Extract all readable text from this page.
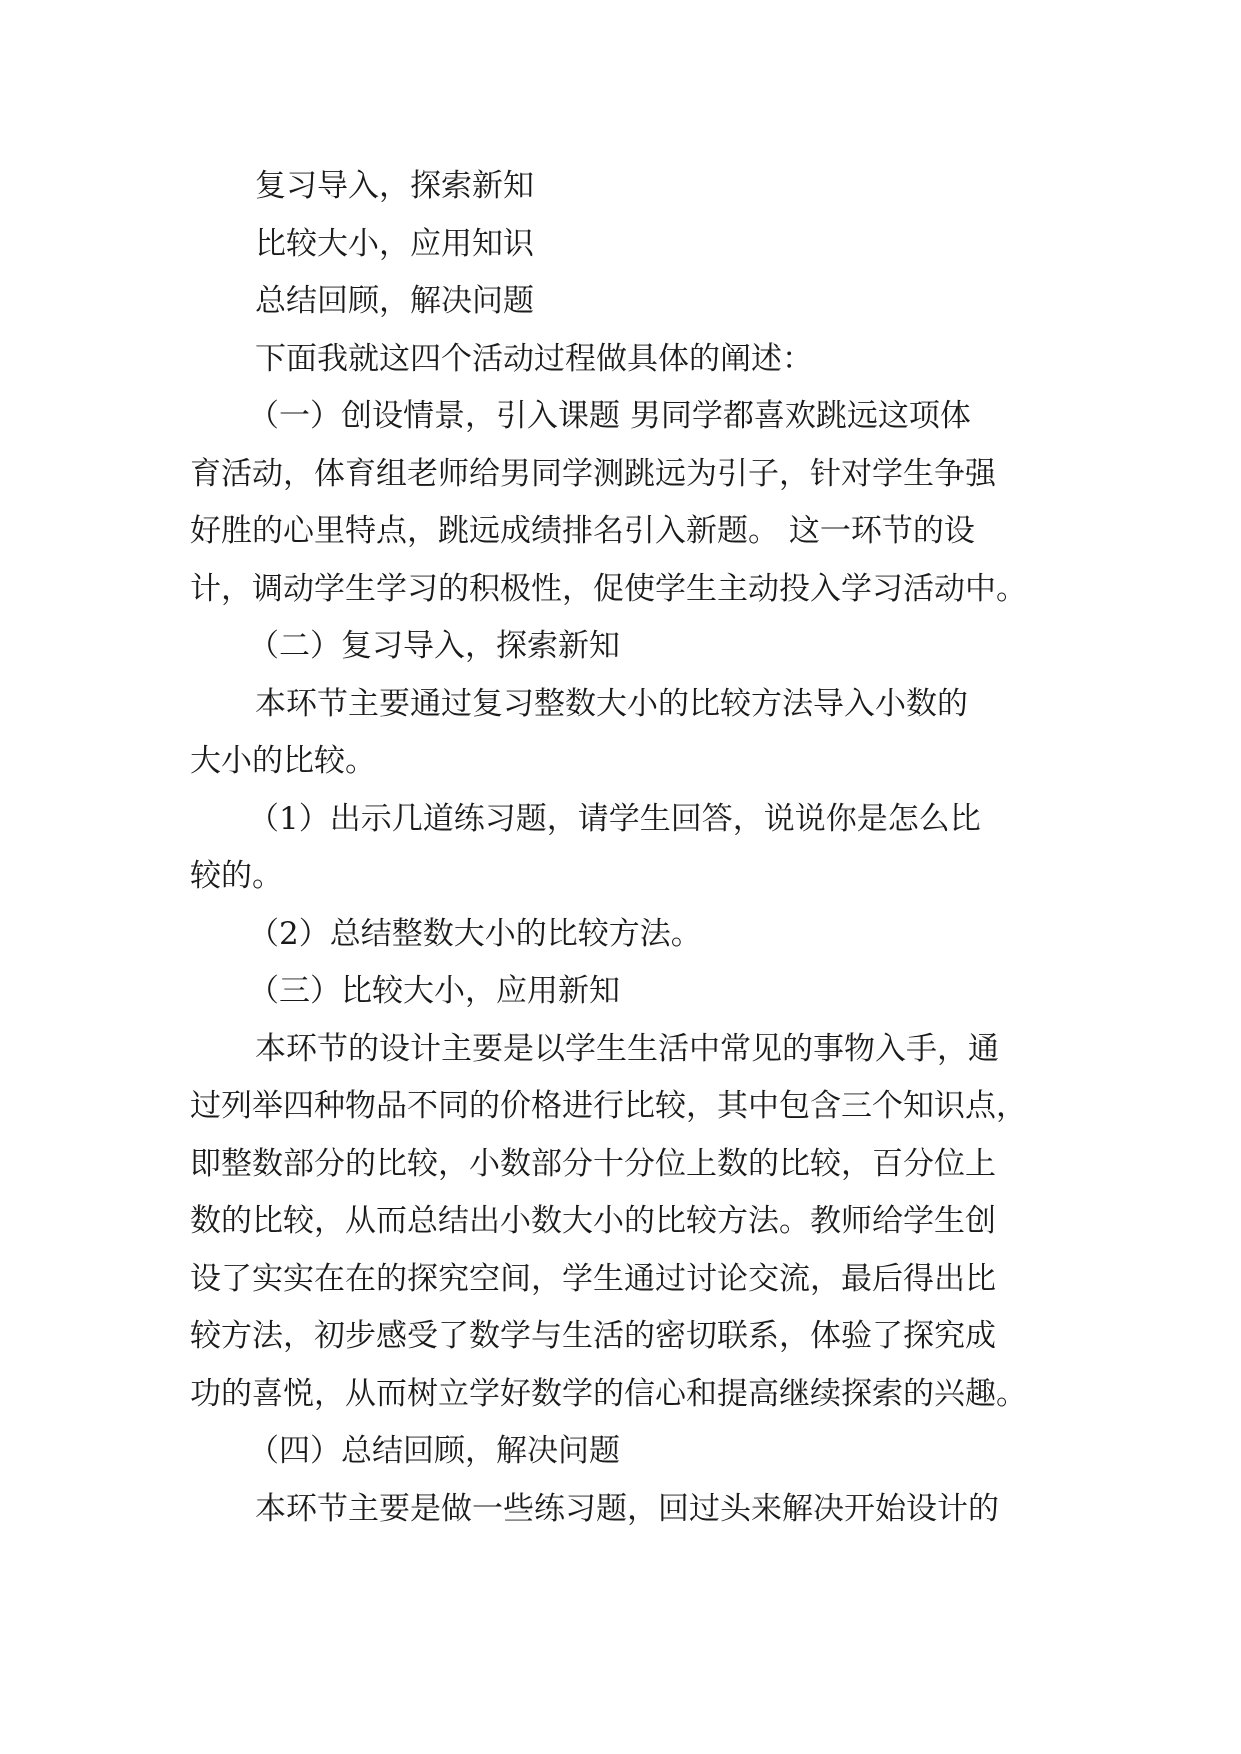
复习导入，探索新知
比较大小，应用知识
总结回顾，解决问题
下面我就这四个活动过程做具体的阐述：
（一）创设情景，引入课题 男同学都喜欢跳远这项体
育活动，体育组老师给男同学测跳远为引子，针对学生争强
好胜的心里特点，跳远成绩排名引入新题。 这一环节的设
计，调动学生学习的积极性，促使学生主动投入学习活动中。
（二）复习导入，探索新知
本环节主要通过复习整数大小的比较方法导入小数的
大小的比较。
（1）出示几道练习题，请学生回答，说说你是怎么比
较的。
（2）总结整数大小的比较方法。
（三）比较大小，应用新知
本环节的设计主要是以学生生活中常见的事物入手，通
过列举四种物品不同的价格进行比较，其中包含三个知识点，
即整数部分的比较，小数部分十分位上数的比较，百分位上
数的比较，从而总结出小数大小的比较方法。教师给学生创
设了实实在在的探究空间，学生通过讨论交流，最后得出比
较方法，初步感受了数学与生活的密切联系，体验了探究成
功的喜悦，从而树立学好数学的信心和提高继续探索的兴趣。
（四）总结回顾，解决问题
本环节主要是做一些练习题，回过头来解决开始设计的
